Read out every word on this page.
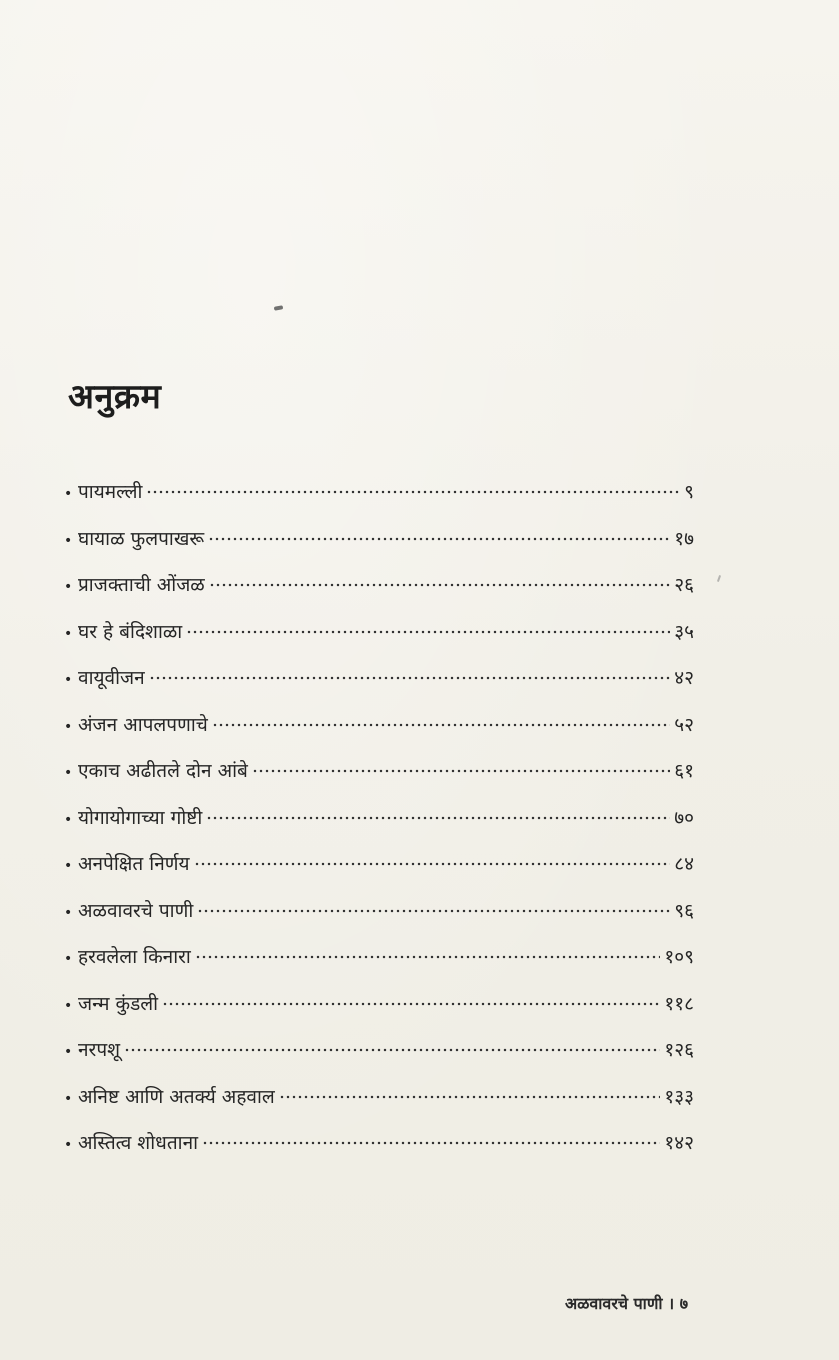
अनुक्रम
• पायमल्ली	९
• घायाळ फुलपाखरू	१७
• प्राजक्ताची ओंजळ	२६
• घर हे बंदिशाळा	३५
• वायूवीजन	४२
• अंजन आपलपणाचे	५२
• एकाच अढीतले दोन आंबे	६१
• योगायोगाच्या गोष्टी	७०
• अनपेक्षित निर्णय	८४
• अळवावरचे पाणी	९६
• हरवलेला किनारा	१०९
• जन्म कुंडली	११८
• नरपशू	१२६
• अनिष्ट आणि अतर्क्य अहवाल	१३३
• अस्तित्व शोधताना	१४२
अळवावरचे पाणी । ७
